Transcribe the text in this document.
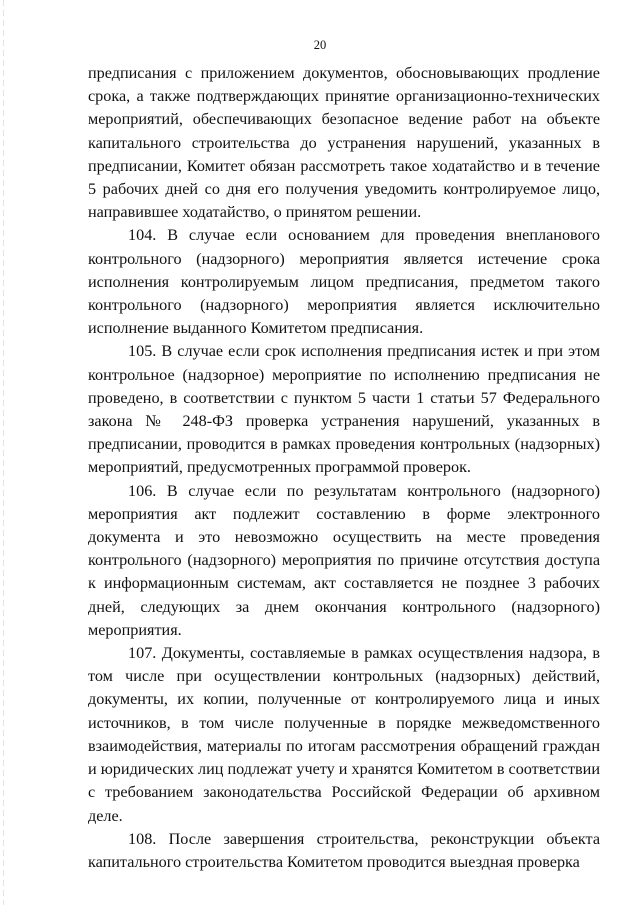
20

предписания с приложением документов, обосновывающих продление срока, а также подтверждающих принятие организационно-технических мероприятий, обеспечивающих безопасное ведение работ на объекте капитального строительства до устранения нарушений, указанных в предписании, Комитет обязан рассмотреть такое ходатайство и в течение 5 рабочих дней со дня его получения уведомить контролируемое лицо, направившее ходатайство, о принятом решении.

104. В случае если основанием для проведения внепланового контрольного (надзорного) мероприятия является истечение срока исполнения контролируемым лицом предписания, предметом такого контрольного (надзорного) мероприятия является исключительно исполнение выданного Комитетом предписания.

105. В случае если срок исполнения предписания истек и при этом контрольное (надзорное) мероприятие по исполнению предписания не проведено, в соответствии с пунктом 5 части 1 статьи 57 Федерального закона № 248-ФЗ проверка устранения нарушений, указанных в предписании, проводится в рамках проведения контрольных (надзорных) мероприятий, предусмотренных программой проверок.

106. В случае если по результатам контрольного (надзорного) мероприятия акт подлежит составлению в форме электронного документа и это невозможно осуществить на месте проведения контрольного (надзорного) мероприятия по причине отсутствия доступа к информационным системам, акт составляется не позднее 3 рабочих дней, следующих за днем окончания контрольного (надзорного) мероприятия.

107. Документы, составляемые в рамках осуществления надзора, в том числе при осуществлении контрольных (надзорных) действий, документы, их копии, полученные от контролируемого лица и иных источников, в том числе полученные в порядке межведомственного взаимодействия, материалы по итогам рассмотрения обращений граждан и юридических лиц подлежат учету и хранятся Комитетом в соответствии с требованием законодательства Российской Федерации об архивном деле.

108. После завершения строительства, реконструкции объекта капитального строительства Комитетом проводится выездная проверка
